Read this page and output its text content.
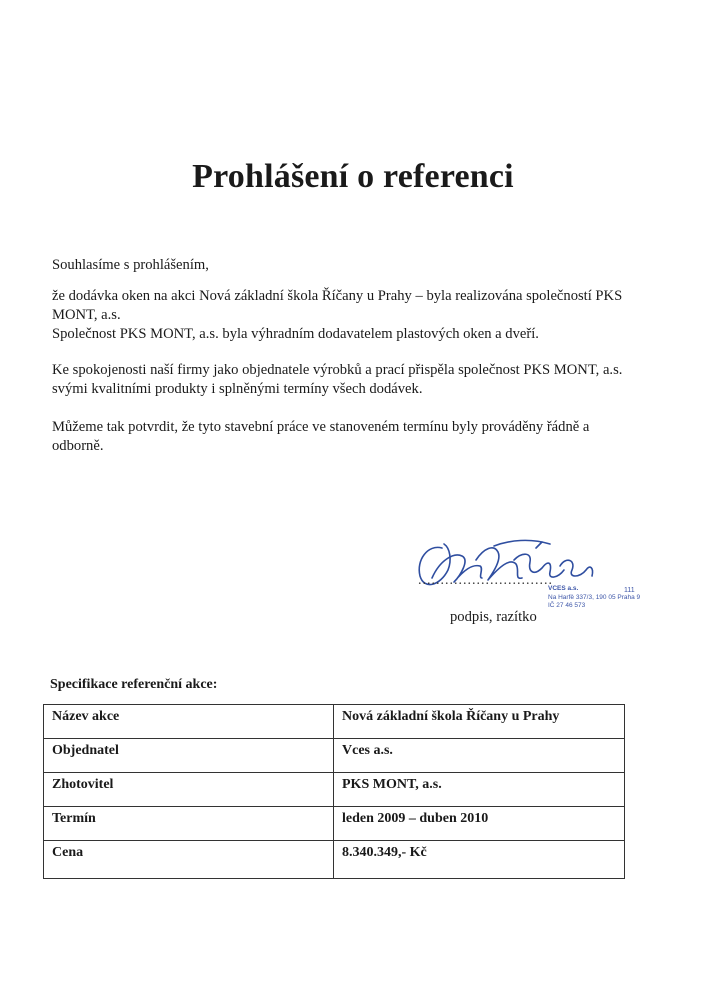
Prohlášení o referenci

Souhlasíme s prohlášením,

že dodávka oken na akci Nová základní škola Říčany u Prahy – byla realizována společností PKS MONT, a.s.

Společnost PKS MONT, a.s. byla výhradním dodavatelem plastových oken a dveří.

Ke spokojenosti naší firmy jako objednatele výrobků a prací přispěla společnost PKS MONT, a.s. svými kvalitními produkty i splněnými termíny všech dodávek.

Můžeme tak potvrdit, že tyto stavební práce ve stanoveném termínu byly prováděny řádně a odborně.

..............................
VCES a.s.
Na Harfě 337/3, 190 05 Praha 9
IČ 27 46 573
111
podpis, razítko
Specifikace referenční akce:
Název akce	Nová základní škola Říčany u Prahy
Objednatel	Vces a.s.
Zhotovitel	PKS MONT, a.s.
Termín	leden 2009 – duben 2010
Cena	8.340.349,- Kč
